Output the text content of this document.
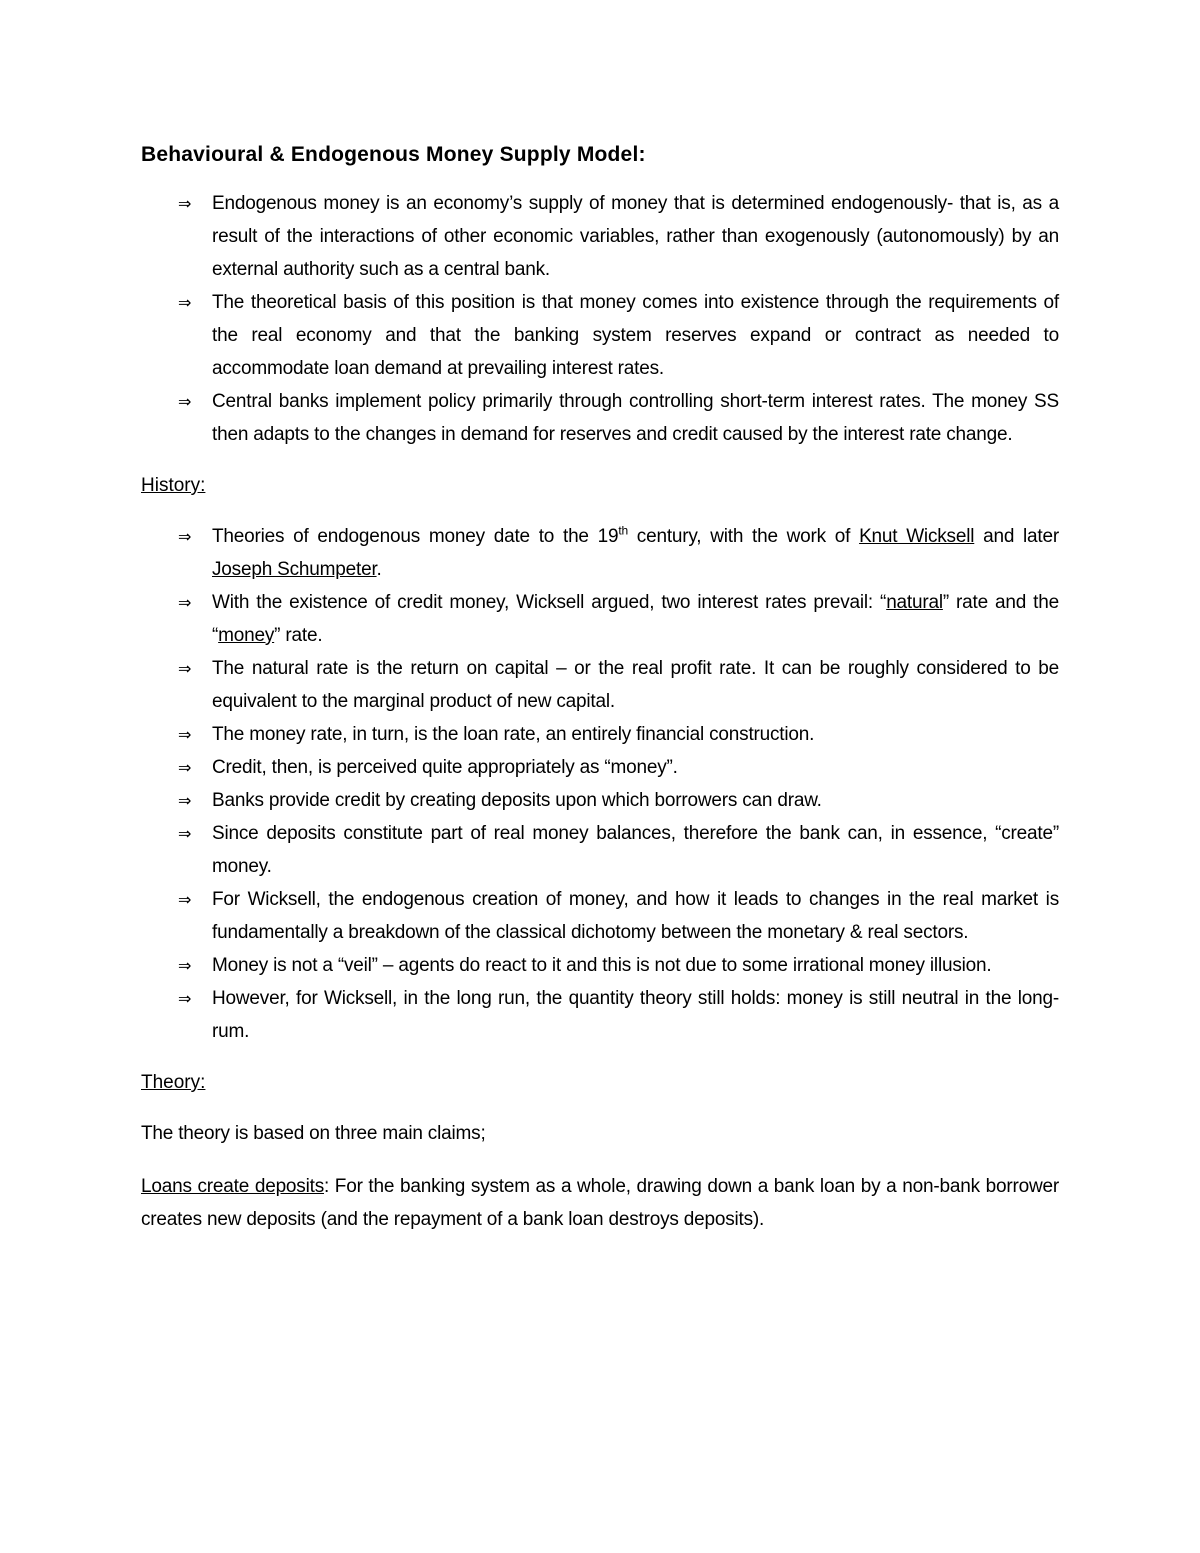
Behavioural & Endogenous Money Supply Model:
⇒ Endogenous money is an economy’s supply of money that is determined endogenously- that is, as a result of the interactions of other economic variables, rather than exogenously (autonomously) by an external authority such as a central bank.
⇒ The theoretical basis of this position is that money comes into existence through the requirements of the real economy and that the banking system reserves expand or contract as needed to accommodate loan demand at prevailing interest rates.
⇒ Central banks implement policy primarily through controlling short-term interest rates. The money SS then adapts to the changes in demand for reserves and credit caused by the interest rate change.
History:
⇒ Theories of endogenous money date to the 19th century, with the work of Knut Wicksell and later Joseph Schumpeter.
⇒ With the existence of credit money, Wicksell argued, two interest rates prevail: “natural” rate and the “money” rate.
⇒ The natural rate is the return on capital – or the real profit rate. It can be roughly considered to be equivalent to the marginal product of new capital.
⇒ The money rate, in turn, is the loan rate, an entirely financial construction.
⇒ Credit, then, is perceived quite appropriately as “money”.
⇒ Banks provide credit by creating deposits upon which borrowers can draw.
⇒ Since deposits constitute part of real money balances, therefore the bank can, in essence, “create” money.
⇒ For Wicksell, the endogenous creation of money, and how it leads to changes in the real market is fundamentally a breakdown of the classical dichotomy between the monetary & real sectors.
⇒ Money is not a “veil” – agents do react to it and this is not due to some irrational money illusion.
⇒ However, for Wicksell, in the long run, the quantity theory still holds: money is still neutral in the long-rum.
Theory:

The theory is based on three main claims;

Loans create deposits: For the banking system as a whole, drawing down a bank loan by a non-bank borrower creates new deposits (and the repayment of a bank loan destroys deposits).
